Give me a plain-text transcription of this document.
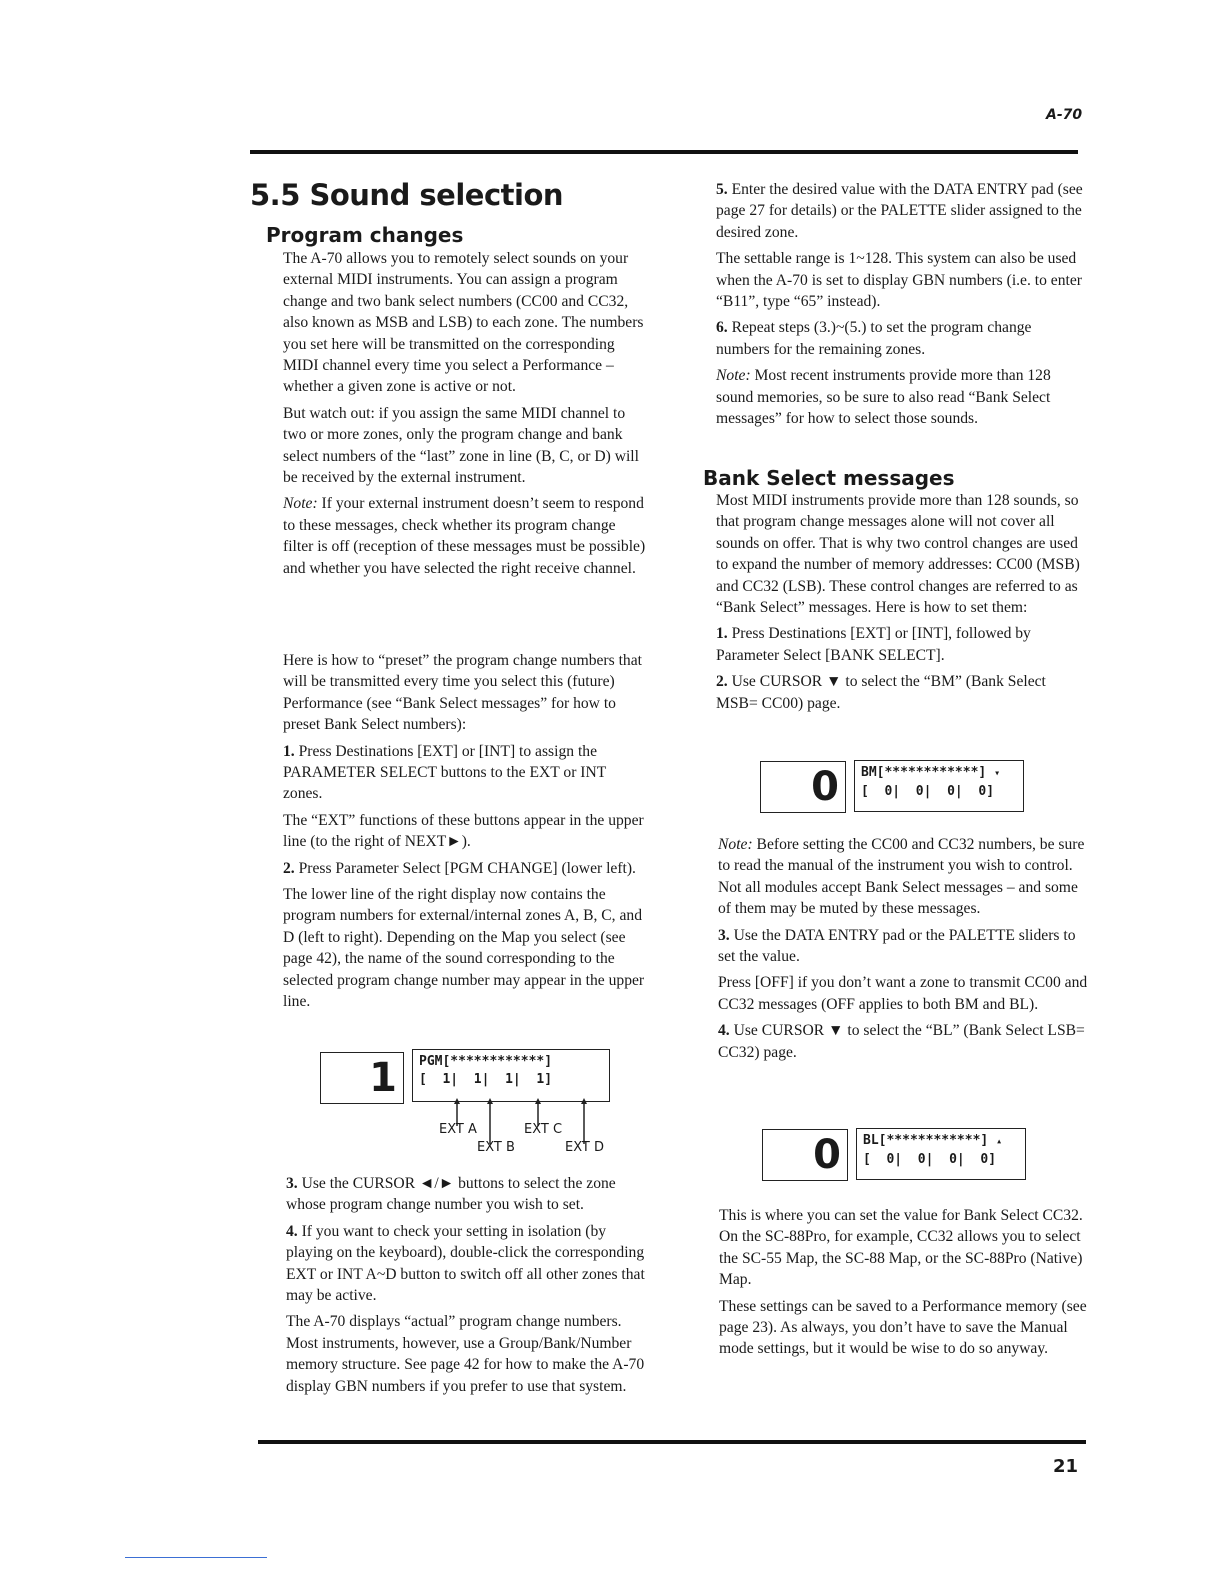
A-70
5.5 Sound selection
Program changes

The A-70 allows you to remotely select sounds on your external MIDI instruments. You can assign a program change and two bank select numbers (CC00 and CC32, also known as MSB and LSB) to each zone. The numbers you set here will be transmitted on the corresponding MIDI channel every time you select a Performance – whether a given zone is active or not.

But watch out: if you assign the same MIDI channel to two or more zones, only the program change and bank select numbers of the “last” zone in line (B, C, or D) will be received by the external instrument.

Note: If your external instrument doesn’t seem to respond to these messages, check whether its program change filter is off (reception of these messages must be possible) and whether you have selected the right receive channel.

Here is how to “preset” the program change numbers that will be transmitted every time you select this (future) Performance (see “Bank Select messages” for how to preset Bank Select numbers):

1. Press Destinations [EXT] or [INT] to assign the PARAMETER SELECT buttons to the EXT or INT zones.

The “EXT” functions of these buttons appear in the upper line (to the right of NEXT►).

2. Press Parameter Select [PGM CHANGE] (lower left).

The lower line of the right display now contains the program numbers for external/internal zones A, B, C, and D (left to right). Depending on the Map you select (see page 42), the name of the sound corresponding to the selected program change number may appear in the upper line.

1	PGM[************]
[  1|  1|  1|  1]
EXT A	EXT C
EXT B	EXT D

3. Use the CURSOR ◄/► buttons to select the zone whose program change number you wish to set.

4. If you want to check your setting in isolation (by playing on the keyboard), double-click the corresponding EXT or INT A~D button to switch off all other zones that may be active.

The A-70 displays “actual” program change numbers. Most instruments, however, use a Group/Bank/Number memory structure. See page 42 for how to make the A-70 display GBN numbers if you prefer to use that system.

5. Enter the desired value with the DATA ENTRY pad (see page 27 for details) or the PALETTE slider assigned to the desired zone.

The settable range is 1~128. This system can also be used when the A-70 is set to display GBN numbers (i.e. to enter “B11”, type “65” instead).

6. Repeat steps (3.)~(5.) to set the program change numbers for the remaining zones.

Note: Most recent instruments provide more than 128 sound memories, so be sure to also read “Bank Select messages” for how to select those sounds.

Bank Select messages

Most MIDI instruments provide more than 128 sounds, so that program change messages alone will not cover all sounds on offer. That is why two control changes are used to expand the number of memory addresses: CC00 (MSB) and CC32 (LSB). These control changes are referred to as “Bank Select” messages. Here is how to set them:

1. Press Destinations [EXT] or [INT], followed by Parameter Select [BANK SELECT].

2. Use CURSOR ▼ to select the “BM” (Bank Select MSB= CC00) page.

0	BM[************] ▾
[  0|  0|  0|  0]

Note: Before setting the CC00 and CC32 numbers, be sure to read the manual of the instrument you wish to control. Not all modules accept Bank Select messages – and some of them may be muted by these messages.

3. Use the DATA ENTRY pad or the PALETTE sliders to set the value.

Press [OFF] if you don’t want a zone to transmit CC00 and CC32 messages (OFF applies to both BM and BL).

4. Use CURSOR ▼ to select the “BL” (Bank Select LSB= CC32) page.

0	BL[************] ▴
[  0|  0|  0|  0]

This is where you can set the value for Bank Select CC32. On the SC-88Pro, for example, CC32 allows you to select the SC-55 Map, the SC-88 Map, or the SC-88Pro (Native) Map.

These settings can be saved to a Performance memory (see page 23). As always, you don’t have to save the Manual mode settings, but it would be wise to do so anyway.

21
